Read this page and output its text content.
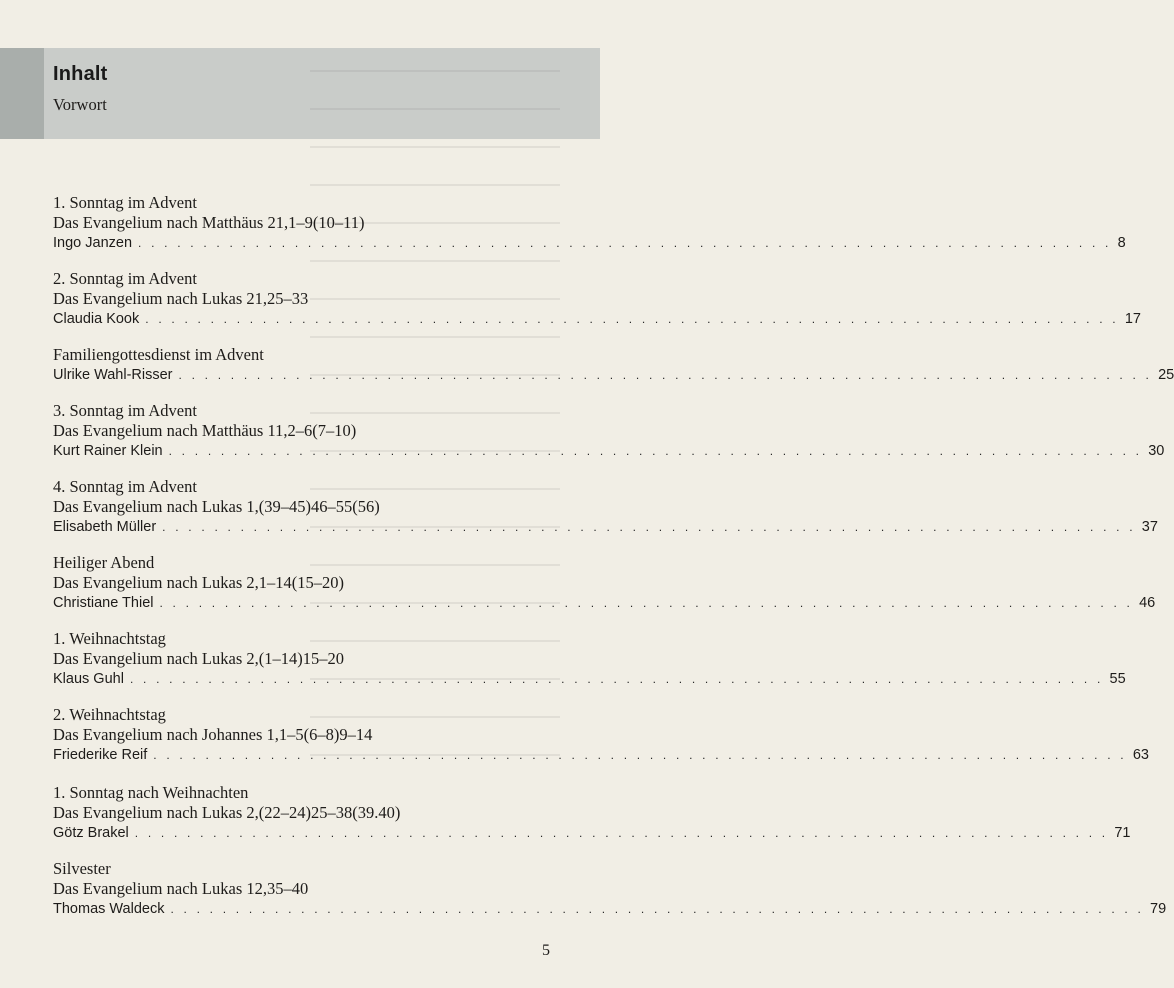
Inhalt
Vorwort
1. Sonntag im Advent
Das Evangelium nach Matthäus 21,1–9(10–11)
Ingo Janzen . . . . . . . . . . . . . . . . . . . . . . . . . . . . . . . . . . . . . . . . . . . . . . . . . . . . . . . . . . . . . . . . . . . . . . . . . . . 8
2. Sonntag im Advent
Das Evangelium nach Lukas 21,25–33
Claudia Kook . . . . . . . . . . . . . . . . . . . . . . . . . . . . . . . . . . . . . . . . . . . . . . . . . . . . . . . . . . . . . . . . . . . . . . . . . . . 17
Familiengottesdienst im Advent
Ulrike Wahl-Risser . . . . . . . . . . . . . . . . . . . . . . . . . . . . . . . . . . . . . . . . . . . . . . . . . . . . . . . . . . . . . . . . . . . . . . . . . . . 25
3. Sonntag im Advent
Das Evangelium nach Matthäus 11,2–6(7–10)
Kurt Rainer Klein . . . . . . . . . . . . . . . . . . . . . . . . . . . . . . . . . . . . . . . . . . . . . . . . . . . . . . . . . . . . . . . . . . . . . . . . . . . 30
4. Sonntag im Advent
Das Evangelium nach Lukas 1,(39–45)46–55(56)
Elisabeth Müller . . . . . . . . . . . . . . . . . . . . . . . . . . . . . . . . . . . . . . . . . . . . . . . . . . . . . . . . . . . . . . . . . . . . . . . . . . . 37
Heiliger Abend
Das Evangelium nach Lukas 2,1–14(15–20)
Christiane Thiel . . . . . . . . . . . . . . . . . . . . . . . . . . . . . . . . . . . . . . . . . . . . . . . . . . . . . . . . . . . . . . . . . . . . . . . . . . . 46
1. Weihnachtstag
Das Evangelium nach Lukas 2,(1–14)15–20
Klaus Guhl . . . . . . . . . . . . . . . . . . . . . . . . . . . . . . . . . . . . . . . . . . . . . . . . . . . . . . . . . . . . . . . . . . . . . . . . . . . 55
2. Weihnachtstag
Das Evangelium nach Johannes 1,1–5(6–8)9–14
Friederike Reif . . . . . . . . . . . . . . . . . . . . . . . . . . . . . . . . . . . . . . . . . . . . . . . . . . . . . . . . . . . . . . . . . . . . . . . . . . . 63
1. Sonntag nach Weihnachten
Das Evangelium nach Lukas 2,(22–24)25–38(39.40)
Götz Brakel . . . . . . . . . . . . . . . . . . . . . . . . . . . . . . . . . . . . . . . . . . . . . . . . . . . . . . . . . . . . . . . . . . . . . . . . . . . 71
Silvester
Das Evangelium nach Lukas 12,35–40
Thomas Waldeck . . . . . . . . . . . . . . . . . . . . . . . . . . . . . . . . . . . . . . . . . . . . . . . . . . . . . . . . . . . . . . . . . . . . . . . . . . . 79
5
